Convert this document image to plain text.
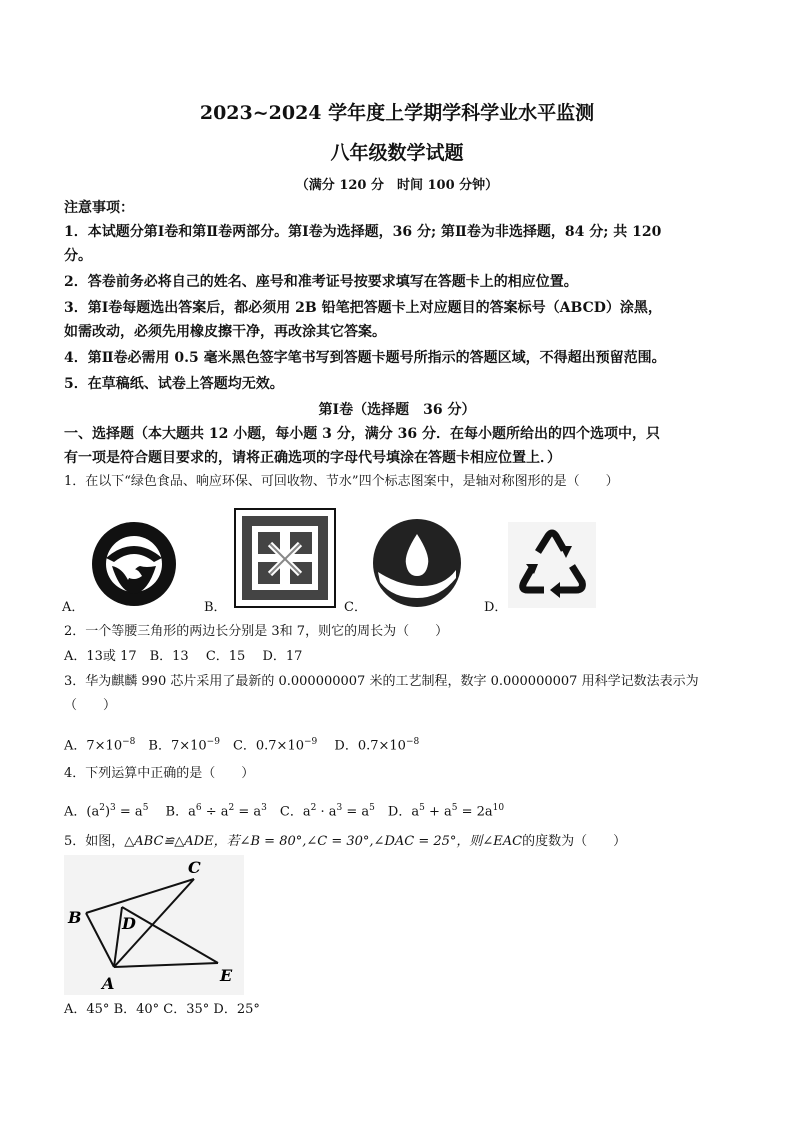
2023~2024 学年度上学期学科学业水平监测
八年级数学试题
（满分 120 分　时间 100 分钟）
注意事项：
1．本试题分第Ⅰ卷和第Ⅱ卷两部分。第Ⅰ卷为选择题，36 分; 第Ⅱ卷为非选择题，84 分; 共 120
分。
2．答卷前务必将自己的姓名、座号和准考证号按要求填写在答题卡上的相应位置。
3．第Ⅰ卷每题选出答案后，都必须用 2B 铅笔把答题卡上对应题目的答案标号（ABCD）涂黑，
如需改动，必须先用橡皮擦干净，再改涂其它答案。
4．第Ⅱ卷必需用 0.5 毫米黑色签字笔书写到答题卡题号所指示的答题区域，不得超出预留范围。
5．在草稿纸、试卷上答题均无效。
第Ⅰ卷（选择题　36 分）
一、选择题（本大题共 12 小题，每小题 3 分，满分 36 分．在每小题所给出的四个选项中，只
有一项是符合题目要求的，请将正确选项的字母代号填涂在答题卡相应位置上．）
1．在以下“绿色食品、响应环保、可回收物、节水”四个标志图案中，是轴对称图形的是（　　）
A．	B．	C．	D．
2．一个等腰三角形的两边长分别是 3和 7，则它的周长为（　　）
A．13或 17　B．13　 C．15　 D．17
3．华为麒麟 990 芯片采用了最新的 0.000000007 米的工艺制程，数字 0.000000007 用科学记数法表示为
（　　）
A．$7\times 10^{-8}$　B．$7\times 10^{-9}$　C．$0.7\times 10^{-9}$　 D．$0.7\times 10^{-8}$
4．下列运算中正确的是（　　）
A．$(a^2)^3 = a^5$　 B．$a^6 \div a^2 = a^3$　C．$a^2 \cdot a^3 = a^5$　D．$a^5 + a^5 = 2a^{10}$
5．如图，△ABC≌△ADE，若∠B = 80°,∠C = 30°,∠DAC = 25°，则∠EAC的度数为（　　）
B
C
D
A	E
A．45° B．40° C．35° D．25°
